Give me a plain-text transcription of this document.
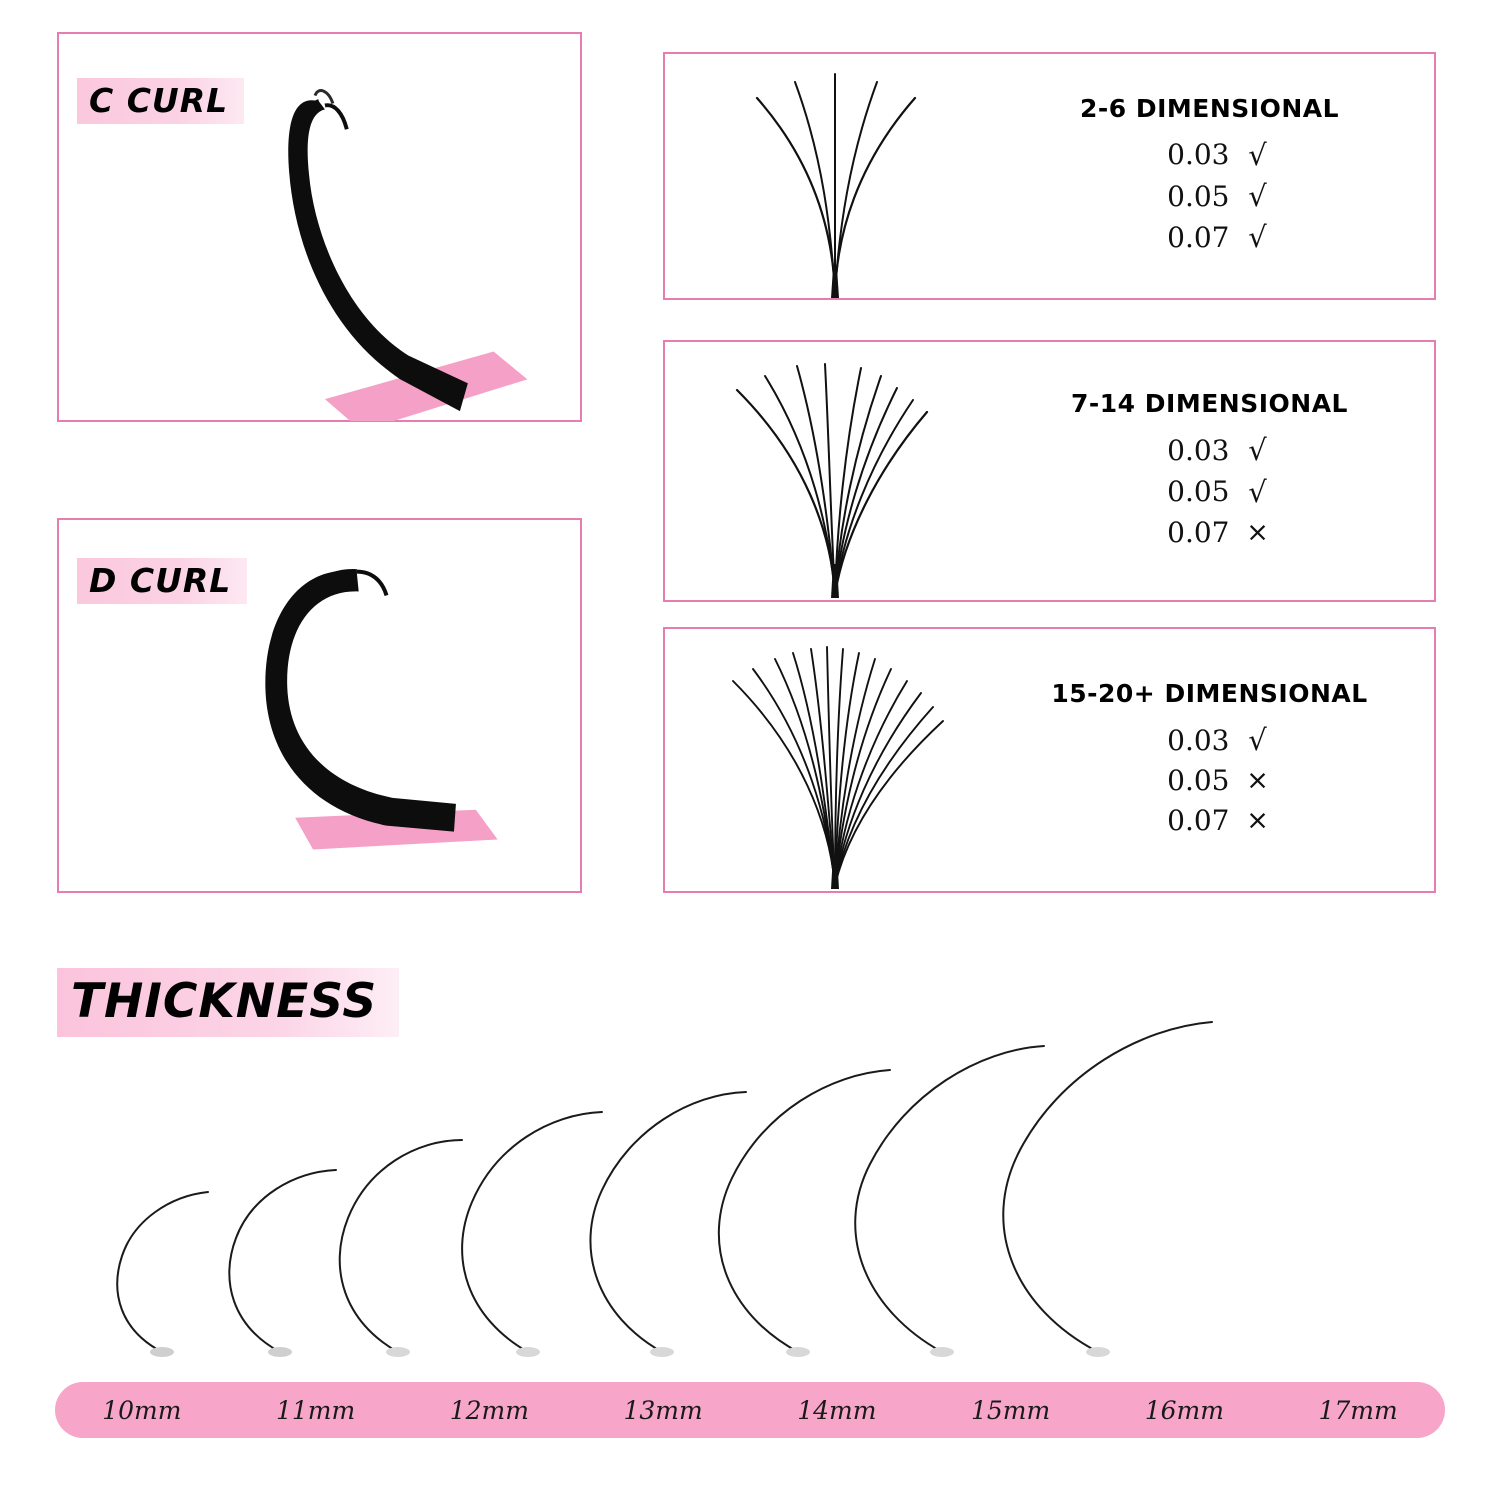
C CURL
D CURL
2-6 DIMENSIONAL
0.03 √
0.05 √
0.07 √
7-14 DIMENSIONAL
0.03 √
0.05 √
0.07 ×
15-20+ DIMENSIONAL
0.03 √
0.05 ×
0.07 ×
THICKNESS
10mm	11mm	12mm	13mm	14mm	15mm	16mm	17mm
